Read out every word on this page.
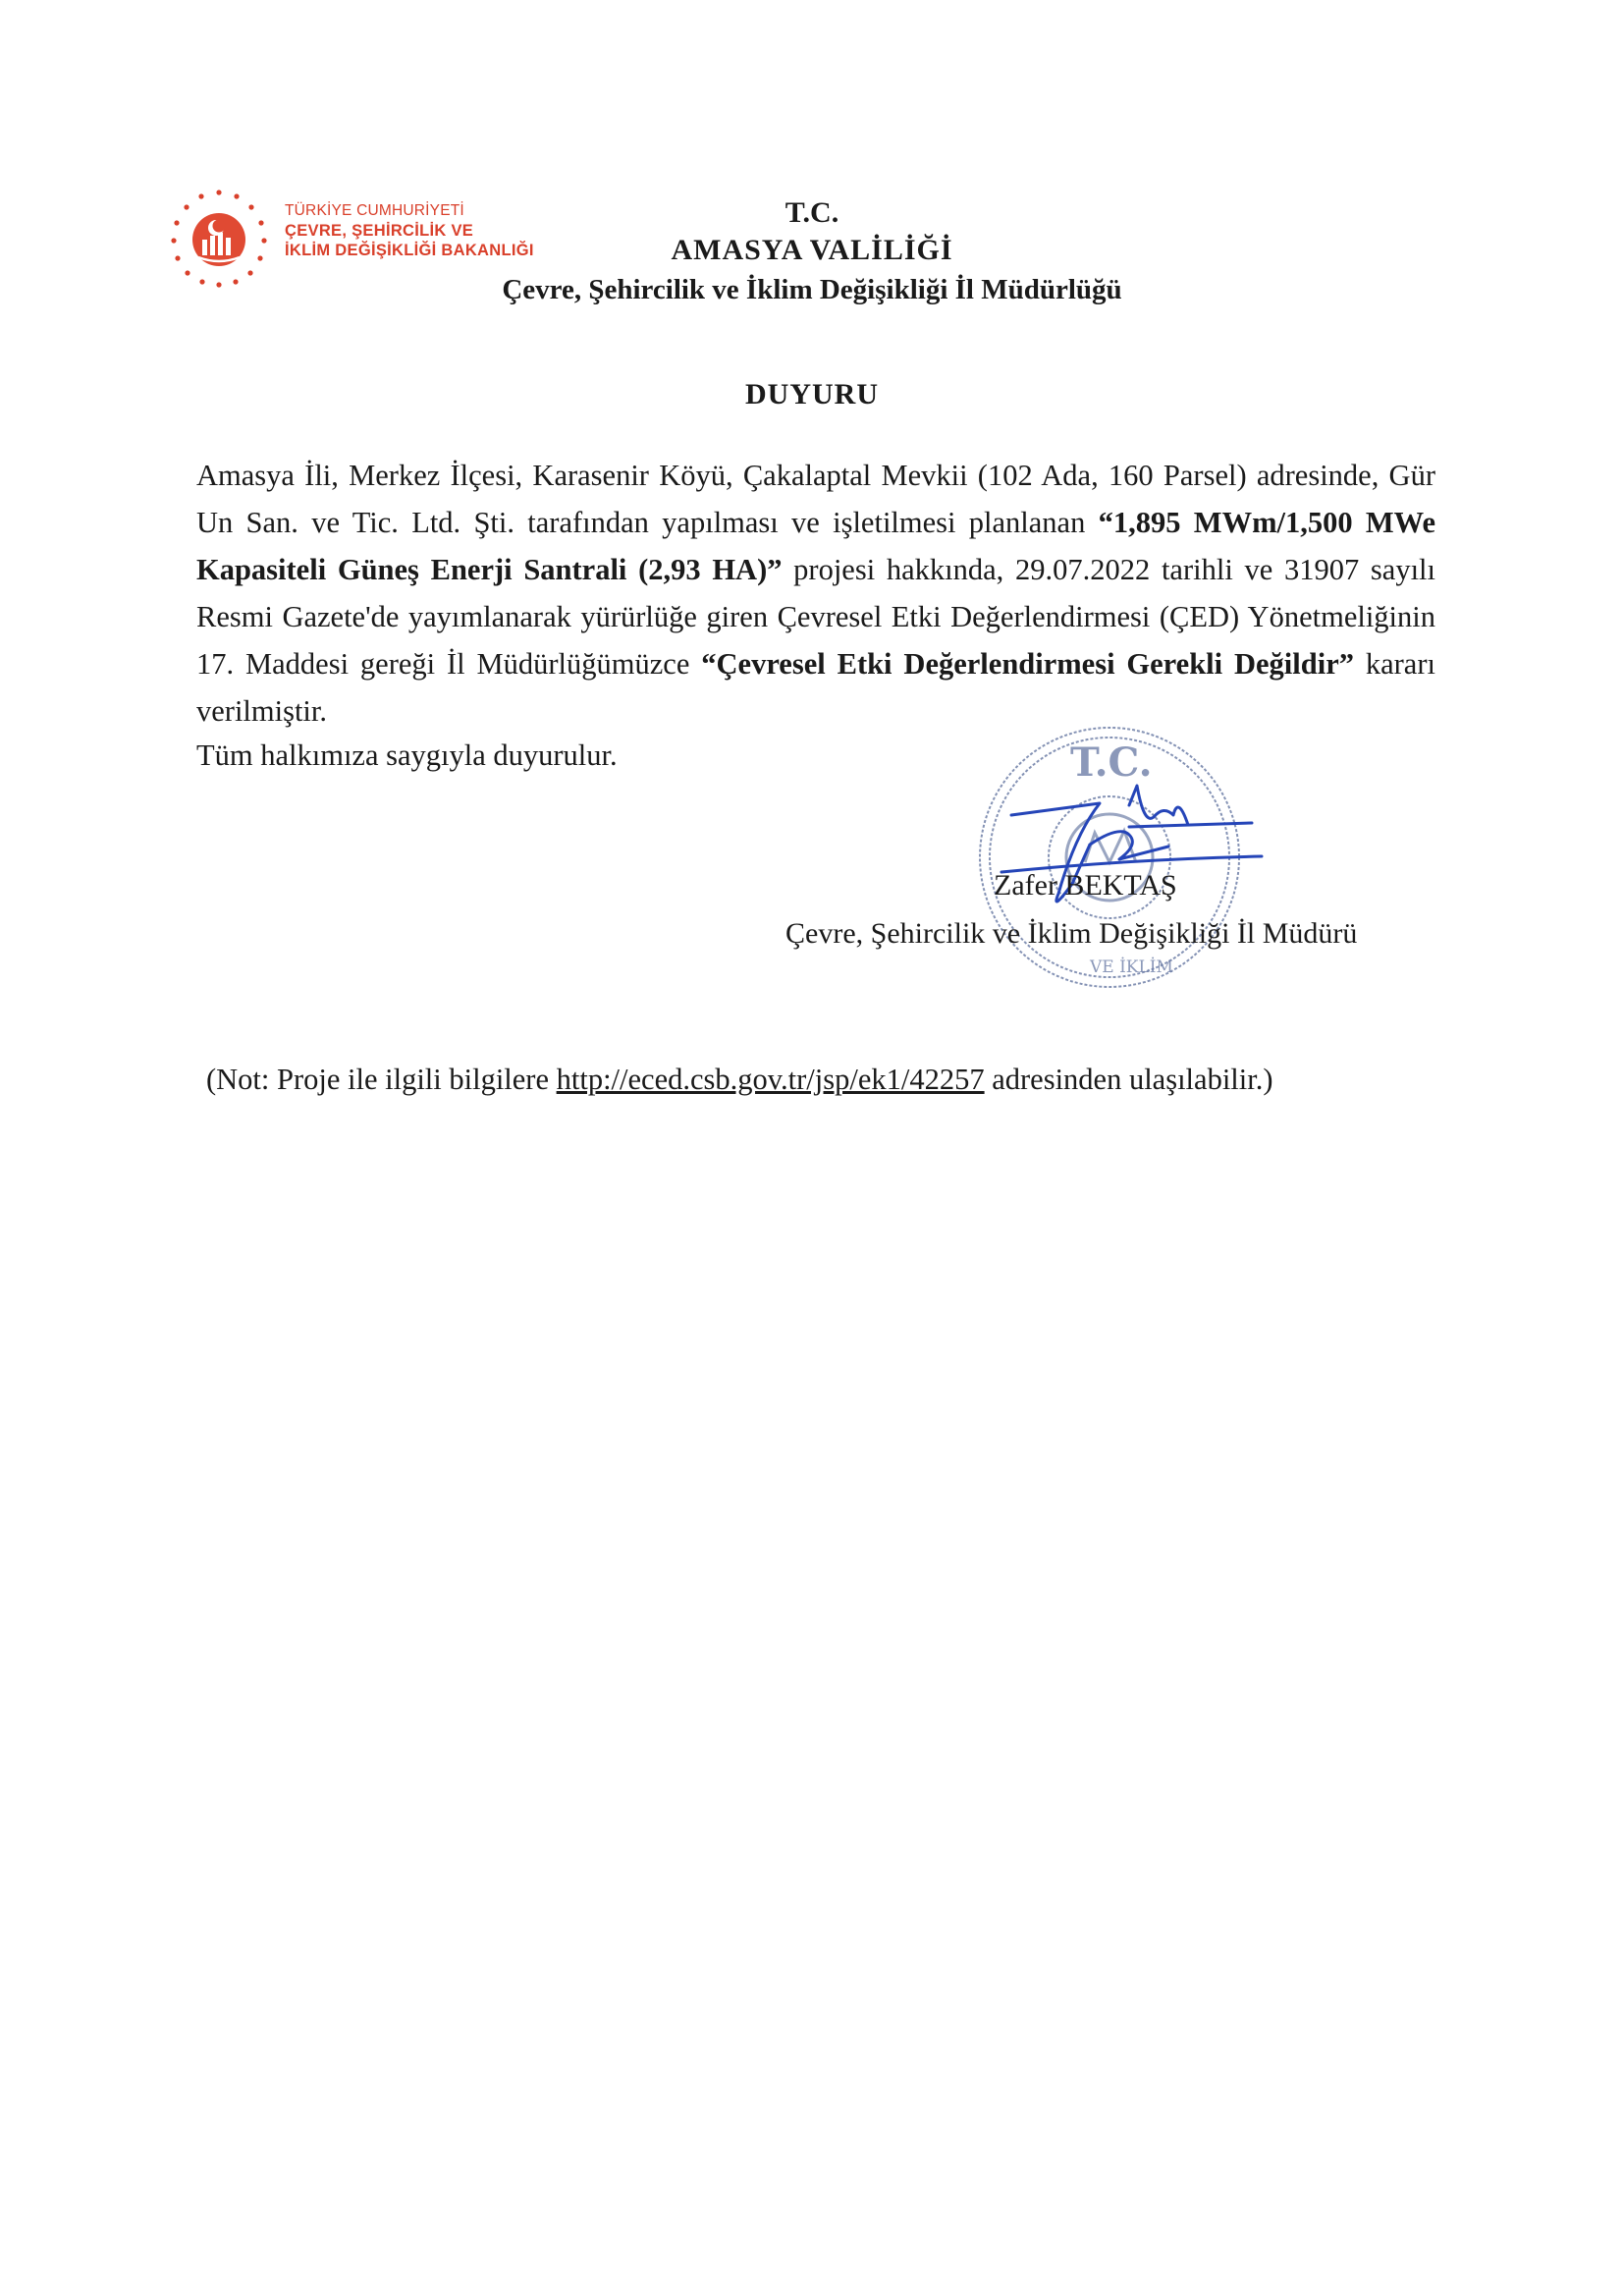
TÜRKİYE CUMHURİYETİ
ÇEVRE, ŞEHİRCİLİK VE
İKLİM DEĞİŞİKLİĞİ BAKANLIĞI
T.C.
AMASYA VALİLİĞİ
Çevre, Şehircilik ve İklim Değişikliği İl Müdürlüğü
DUYURU
Amasya İli, Merkez İlçesi, Karasenir Köyü, Çakalaptal Mevkii (102 Ada, 160 Parsel) adresinde, Gür Un San. ve Tic. Ltd. Şti. tarafından yapılması ve işletilmesi planlanan “1,895 MWm/1,500 MWe Kapasiteli Güneş Enerji Santrali (2,93 HA)” projesi hakkında, 29.07.2022 tarihli ve 31907 sayılı Resmi Gazete'de yayımlanarak yürürlüğe giren Çevresel Etki Değerlendirmesi (ÇED) Yönetmeliğinin 17. Maddesi gereği İl Müdürlüğümüzce “Çevresel Etki Değerlendirmesi Gerekli Değildir” kararı verilmiştir.
Tüm halkımıza saygıyla duyurulur.	T.C.
VE İKLİM
Zafer BEKTAŞ
Çevre, Şehircilik ve İklim Değişikliği İl Müdürü
(Not: Proje ile ilgili bilgilere http://eced.csb.gov.tr/jsp/ek1/42257 adresinden ulaşılabilir.)
